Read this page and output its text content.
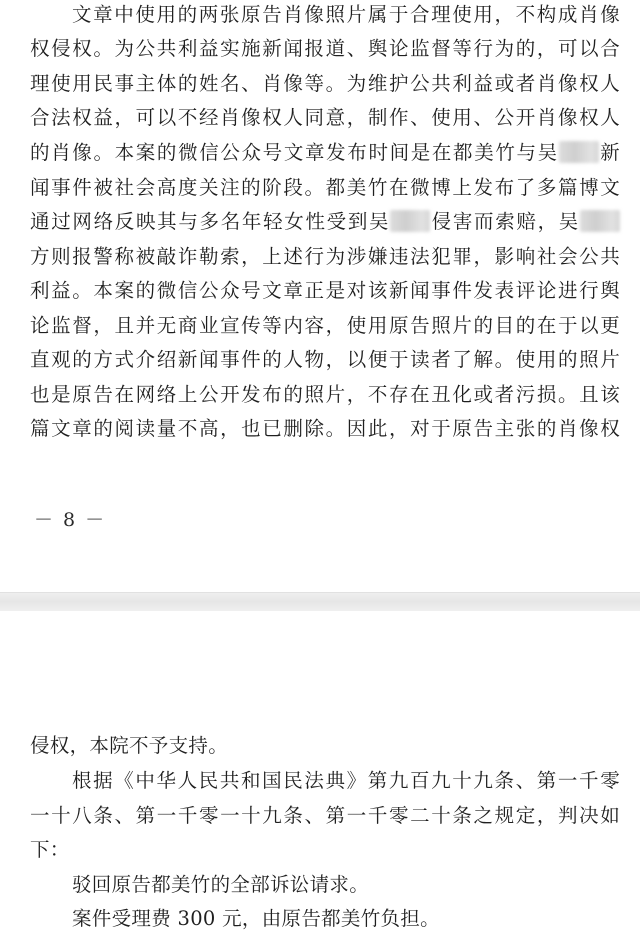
文章中使用的两张原告肖像照片属于合理使用，不构成肖像
权侵权。为公共利益实施新闻报道、舆论监督等行为的，可以合
理使用民事主体的姓名、肖像等。为维护公共利益或者肖像权人
合法权益，可以不经肖像权人同意，制作、使用、公开肖像权人
的肖像。本案的微信公众号文章发布时间是在都美竹与吴 新
闻事件被社会高度关注的阶段。都美竹在微博上发布了多篇博文
通过网络反映其与多名年轻女性受到吴 侵害而索赔，吴
方则报警称被敲诈勒索，上述行为涉嫌违法犯罪，影响社会公共
利益。本案的微信公众号文章正是对该新闻事件发表评论进行舆
论监督，且并无商业宣传等内容，使用原告照片的目的在于以更
直观的方式介绍新闻事件的人物，以便于读者了解。使用的照片
也是原告在网络上公开发布的照片，不存在丑化或者污损。且该
篇文章的阅读量不高，也已删除。因此，对于原告主张的肖像权
－ 8 －
侵权，本院不予支持。
根据《中华人民共和国民法典》第九百九十九条、第一千零
一十八条、第一千零一十九条、第一千零二十条之规定，判决如
下：
驳回原告都美竹的全部诉讼请求。
案件受理费 300 元，由原告都美竹负担。
